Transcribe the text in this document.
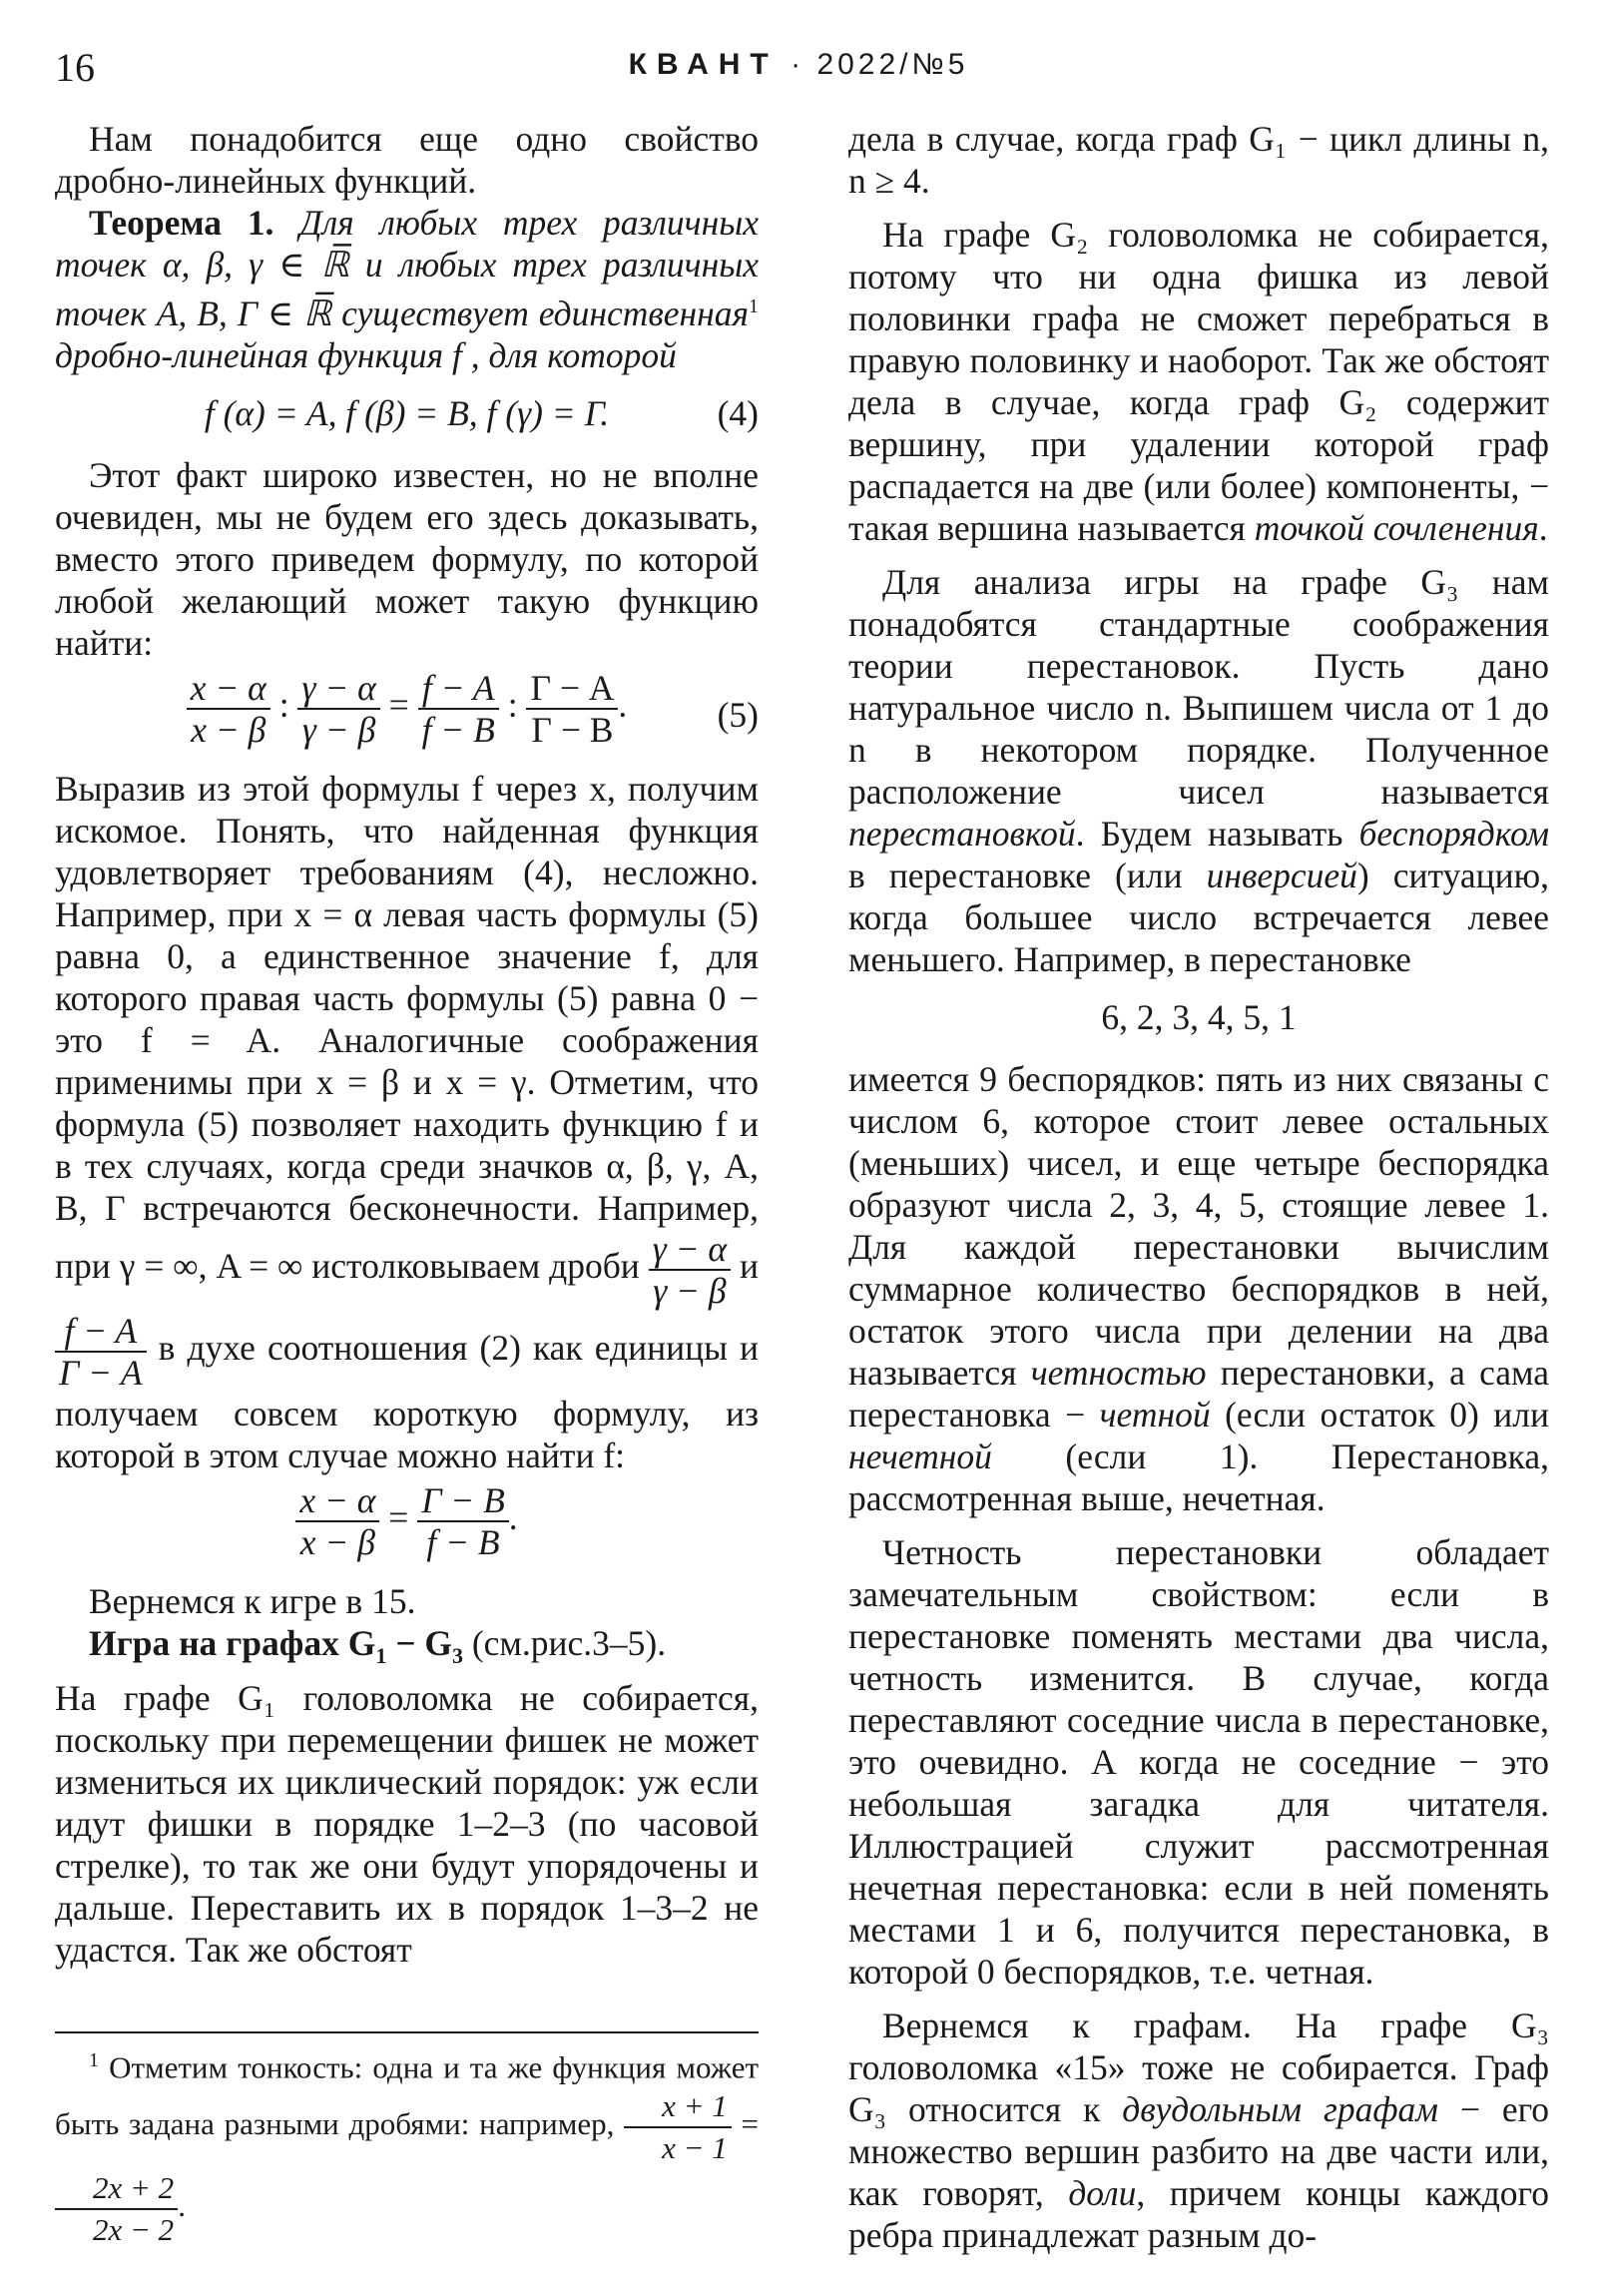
16	КВАНТ · 2022/№5

Нам понадобится еще одно свойство дробно-линейных функций.

Теорема 1. Для любых трех различных точек α, β, γ ∈ ℝ̅ и любых трех различных точек A, B, Γ ∈ ℝ̅ существует единственная$^1$ дробно-линейная функция f , для которой

f (α) = A, f (β) = B, f (γ) = Γ.	(4)

Этот факт широко известен, но не вполне очевиден, мы не будем его здесь доказывать, вместо этого приведем формулу, по которой любой желающий может такую функцию найти:

$\frac{x - \alpha}{x - \beta}$ : $\frac{\gamma - \alpha}{\gamma - \beta} = \frac{f - A}{f - B}$ : $\frac{\Gamma - A}{\Gamma - B}$ .	(5)

Выразив из этой формулы f через x, получим искомое. Понять, что найденная функция удовлетворяет требованиям (4), несложно. Например, при x = α левая часть формулы (5) равна 0, а единственное значение f, для которого правая часть формулы (5) равна 0 − это f = A. Аналогичные соображения применимы при x = β и x = γ. Отметим, что формула (5) позволяет находить функцию f и в тех случаях, когда среди значков α, β, γ, A, B, Γ встречаются бесконечности. Например, при γ = ∞, A = ∞ истолковываем дроби $\frac{\gamma - \alpha}{\gamma - \beta}$ и
$\frac{f - A}{\Gamma - A}$ в духе соотношения (2) как единицы и получаем совсем короткую формулу, из которой в этом случае можно найти f:

$\frac{x - \alpha}{x - \beta} = \frac{\Gamma - B}{f - B}$ .

Вернемся к игре в 15.

Игра на графах $G_1 - G_3$ (см.рис.3–5).

На графе G₁ головоломка не собирается, поскольку при перемещении фишек не может измениться их циклический порядок: уж если идут фишки в порядке 1–2–3 (по часовой стрелке), то так же они будут упорядочены и дальше. Переставить их в порядок 1–3–2 не удастся. Так же обстоят

$^1$ Отметим тонкость: одна и та же функция может быть задана разными дробями: например, $\frac{x + 1}{x - 1}$ =
$\frac{2x + 2}{2x - 2}$ .

дела в случае, когда граф G₁ − цикл длины n, n ≥ 4.

На графе G₂ головоломка не собирается, потому что ни одна фишка из левой половинки графа не сможет перебраться в правую половинку и наоборот. Так же обстоят дела в случае, когда граф G₂ содержит вершину, при удалении которой граф распадается на две (или более) компоненты, − такая вершина называется точкой сочленения.

Для анализа игры на графе G₃ нам понадобятся стандартные соображения теории перестановок. Пусть дано натуральное число n. Выпишем числа от 1 до n в некотором порядке. Полученное расположение чисел называется перестановкой. Будем называть беспорядком в перестановке (или инверсией) ситуацию, когда большее число встречается левее меньшего. Например, в перестановке

6, 2, 3, 4, 5, 1

имеется 9 беспорядков: пять из них связаны с числом 6, которое стоит левее остальных (меньших) чисел, и еще четыре беспорядка образуют числа 2, 3, 4, 5, стоящие левее 1. Для каждой перестановки вычислим суммарное количество беспорядков в ней, остаток этого числа при делении на два называется четностью перестановки, а сама перестановка − четной (если остаток 0) или нечетной (если 1). Перестановка, рассмотренная выше, нечетная.

Четность перестановки обладает замечательным свойством: если в перестановке поменять местами два числа, четность изменится. В случае, когда переставляют соседние числа в перестановке, это очевидно. А когда не соседние − это небольшая загадка для читателя. Иллюстрацией служит рассмотренная нечетная перестановка: если в ней поменять местами 1 и 6, получится перестановка, в которой 0 беспорядков, т.е. четная.

Вернемся к графам. На графе G₃ головоломка «15» тоже не собирается. Граф G₃ относится к двудольным графам − его множество вершин разбито на две части или, как говорят, доли, причем концы каждого ребра принадлежат разным до-
